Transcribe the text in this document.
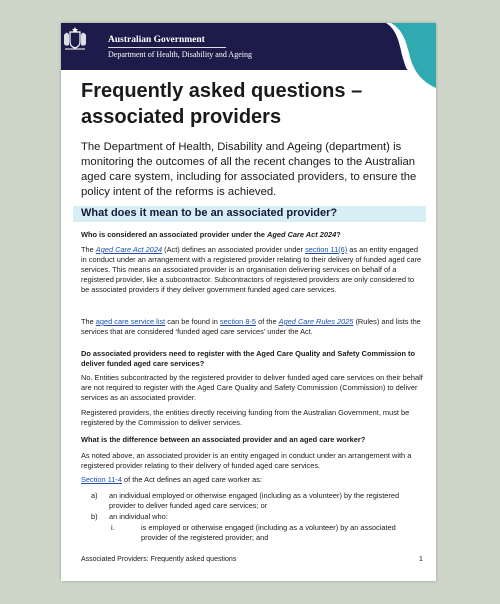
Australian Government
Department of Health, Disability and Ageing
Frequently asked questions –
associated providers

The Department of Health, Disability and Ageing (department) is monitoring the outcomes of all the recent changes to the Australian aged care system, including for associated providers, to ensure the policy intent of the reforms is achieved.

What does it mean to be an associated provider?

Who is considered an associated provider under the Aged Care Act 2024?

The Aged Care Act 2024 (Act) defines an associated provider under section 11(6) as an entity engaged in conduct under an arrangement with a registered provider relating to their delivery of funded aged care services. This means an associated provider is an organisation delivering services on behalf of a registered provider, like a subcontractor. Subcontractors of registered providers are only considered to be associated providers if they deliver government funded aged care services.

The aged care service list can be found in section 8-5 of the Aged Care Rules 2025 (Rules) and lists the services that are considered ‘funded aged care services’ under the Act.

Do associated providers need to register with the Aged Care Quality and Safety Commission to deliver funded aged care services?

No. Entities subcontracted by the registered provider to deliver funded aged care services on their behalf are not required to register with the Aged Care Quality and Safety Commission (Commission) to deliver services as an associated provider.

Registered providers, the entities directly receiving funding from the Australian Government, must be registered by the Commission to deliver services.

What is the difference between an associated provider and an aged care worker?

As noted above, an associated provider is an entity engaged in conduct under an arrangement with a registered provider relating to their delivery of funded aged care services.

Section 11-4 of the Act defines an aged care worker as:

a) an individual employed or otherwise engaged (including as a volunteer) by the registered provider to deliver funded aged care services; or
b) an individual who:
i.	is employed or otherwise engaged (including as a volunteer) by an associated provider of the registered provider; and
Associated Providers: Frequently asked questions	1
